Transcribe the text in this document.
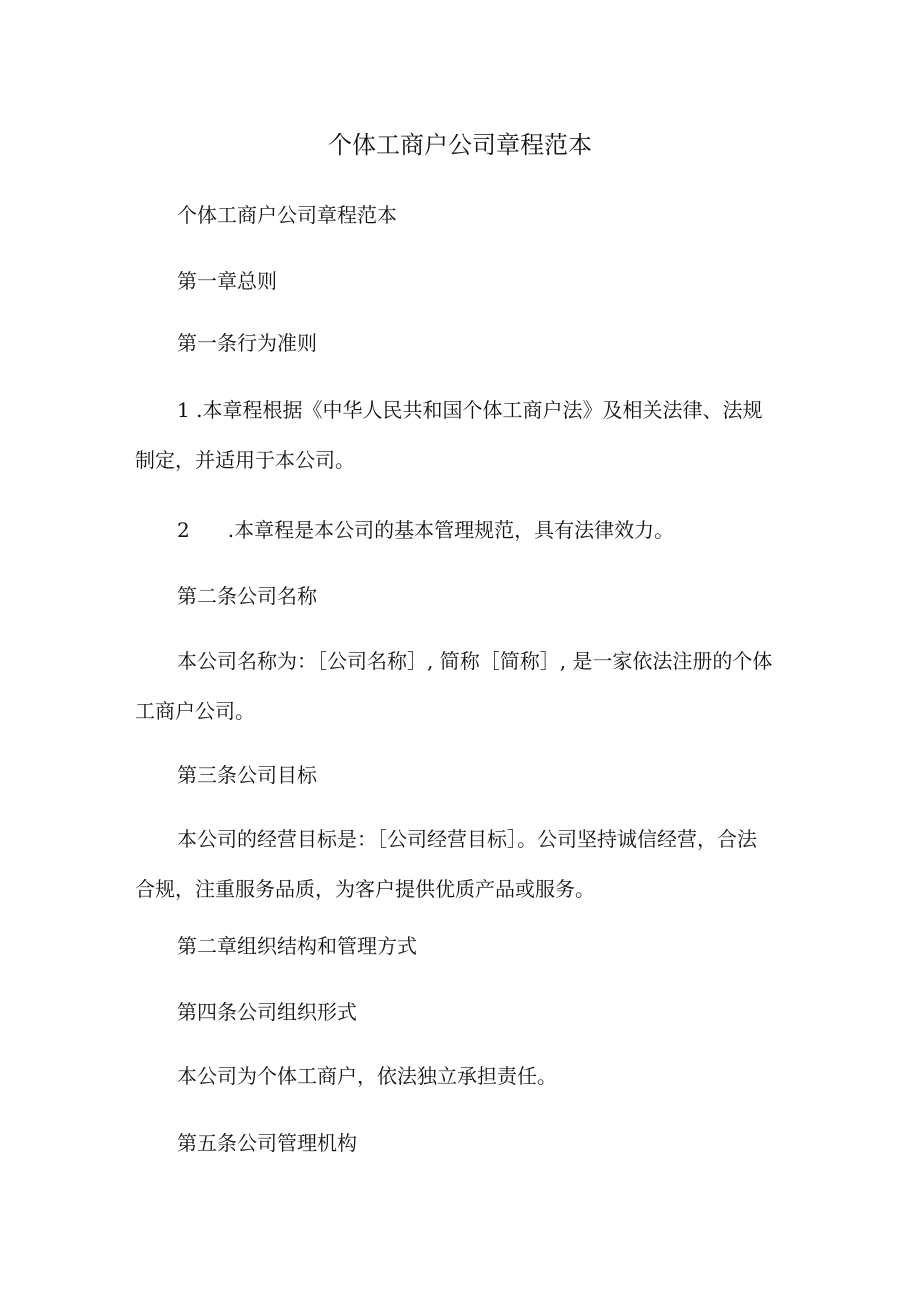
个体工商户公司章程范本

个体工商户公司章程范本

第一章总则

第一条行为准则

1 .本章程根据《中华人民共和国个体工商户法》及相关法律、法规
制定，并适用于本公司。

2 .本章程是本公司的基本管理规范，具有法律效力。

第二条公司名称

本公司名称为：［公司名称］, 简称［简称］, 是一家依法注册的个体
工商户公司。

第三条公司目标

本公司的经营目标是：［公司经营目标］。公司坚持诚信经营，合法
合规，注重服务品质，为客户提供优质产品或服务。

第二章组织结构和管理方式

第四条公司组织形式

本公司为个体工商户，依法独立承担责任。

第五条公司管理机构
